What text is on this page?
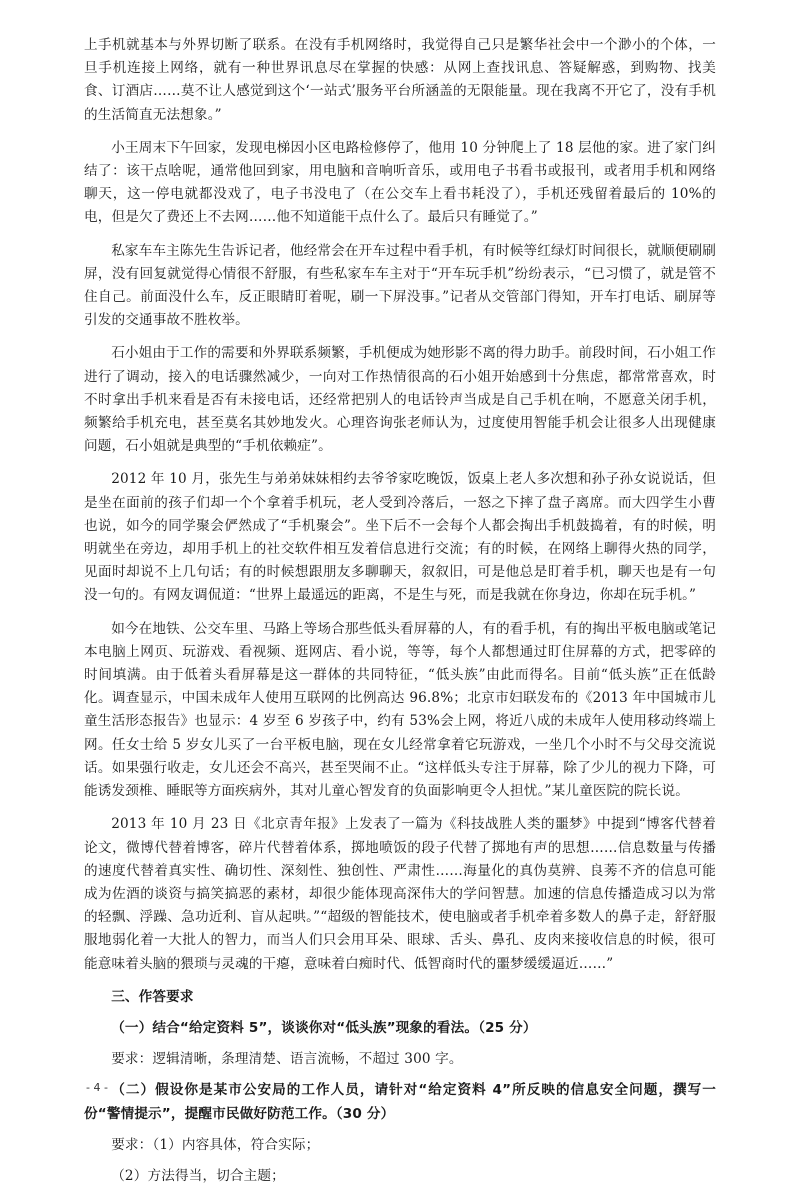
上手机就基本与外界切断了联系。在没有手机网络时，我觉得自己只是繁华社会中一个渺小的个体，一旦手机连接上网络，就有一种世界讯息尽在掌握的快感：从网上查找讯息、答疑解惑，到购物、找美食、订酒店……莫不让人感觉到这个‘一站式’服务平台所涵盖的无限能量。现在我离不开它了，没有手机的生活简直无法想象。”

小王周末下午回家，发现电梯因小区电路检修停了，他用 10 分钟爬上了 18 层他的家。进了家门纠结了：该干点啥呢，通常他回到家，用电脑和音响听音乐，或用电子书看书或报刊，或者用手机和网络聊天，这一停电就都没戏了，电子书没电了（在公交车上看书耗没了），手机还残留着最后的 10%的电，但是欠了费还上不去网……他不知道能干点什么了。最后只有睡觉了。”

私家车车主陈先生告诉记者，他经常会在开车过程中看手机，有时候等红绿灯时间很长，就顺便刷刷屏，没有回复就觉得心情很不舒服，有些私家车车主对于“开车玩手机”纷纷表示，“已习惯了，就是管不住自己。前面没什么车，反正眼睛盯着呢，刷一下屏没事。”记者从交管部门得知，开车打电话、刷屏等引发的交通事故不胜枚举。

石小姐由于工作的需要和外界联系频繁，手机便成为她形影不离的得力助手。前段时间，石小姐工作进行了调动，接入的电话骤然减少，一向对工作热情很高的石小姐开始感到十分焦虑，都常常喜欢，时不时拿出手机来看是否有未接电话，还经常把别人的电话铃声当成是自己手机在响，不愿意关闭手机，频繁给手机充电，甚至莫名其妙地发火。心理咨询张老师认为，过度使用智能手机会让很多人出现健康问题，石小姐就是典型的“手机依赖症”。

2012 年 10 月，张先生与弟弟妹妹相约去爷爷家吃晚饭，饭桌上老人多次想和孙子孙女说说话，但是坐在面前的孩子们却一个个拿着手机玩，老人受到冷落后，一怒之下摔了盘子离席。而大四学生小曹也说，如今的同学聚会俨然成了“手机聚会”。坐下后不一会每个人都会掏出手机鼓捣着，有的时候，明明就坐在旁边，却用手机上的社交软件相互发着信息进行交流；有的时候，在网络上聊得火热的同学，见面时却说不上几句话；有的时候想跟朋友多聊聊天，叙叙旧，可是他总是盯着手机，聊天也是有一句没一句的。有网友调侃道：“世界上最遥远的距离，不是生与死，而是我就在你身边，你却在玩手机。”

如今在地铁、公交车里、马路上等场合那些低头看屏幕的人，有的看手机，有的掏出平板电脑或笔记本电脑上网页、玩游戏、看视频、逛网店、看小说，等等，每个人都想通过盯住屏幕的方式，把零碎的时间填满。由于低着头看屏幕是这一群体的共同特征，“低头族”由此而得名。目前“低头族”正在低龄化。调查显示，中国未成年人使用互联网的比例高达 96.8%；北京市妇联发布的《2013 年中国城市儿童生活形态报告》也显示：4 岁至 6 岁孩子中，约有 53%会上网，将近八成的未成年人使用移动终端上网。任女士给 5 岁女儿买了一台平板电脑，现在女儿经常拿着它玩游戏，一坐几个小时不与父母交流说话。如果强行收走，女儿还会不高兴，甚至哭闹不止。“这样低头专注于屏幕，除了少儿的视力下降，可能诱发颈椎、睡眠等方面疾病外，其对儿童心智发育的负面影响更令人担忧。”某儿童医院的院长说。

2013 年 10 月 23 日《北京青年报》上发表了一篇为《科技战胜人类的噩梦》中提到“博客代替着论文，微博代替着博客，碎片代替着体系，掷地喷饭的段子代替了掷地有声的思想……信息数量与传播的速度代替着真实性、确切性、深刻性、独创性、严肃性……海量化的真伪莫辨、良莠不齐的信息可能成为佐酒的谈资与搞笑搞恶的素材，却很少能体现高深伟大的学问智慧。加速的信息传播造成习以为常的轻飘、浮躁、急功近利、盲从起哄。”“超级的智能技术，使电脑或者手机牵着多数人的鼻子走，舒舒服服地弱化着一大批人的智力，而当人们只会用耳朵、眼球、舌头、鼻孔、皮肉来接收信息的时候，很可能意味着头脑的猥琐与灵魂的干瘪，意味着白痴时代、低智商时代的噩梦缓缓逼近……”

三、作答要求

（一）结合“给定资料 5”，谈谈你对“低头族”现象的看法。（25 分）

要求：逻辑清晰，条理清楚、语言流畅，不超过 300 字。

（二）假设你是某市公安局的工作人员，请针对“给定资料 4”所反映的信息安全问题，撰写一份“警情提示”，提醒市民做好防范工作。（30 分）

要求：（1）内容具体，符合实际；

（2）方法得当，切合主题；

- 4 -
